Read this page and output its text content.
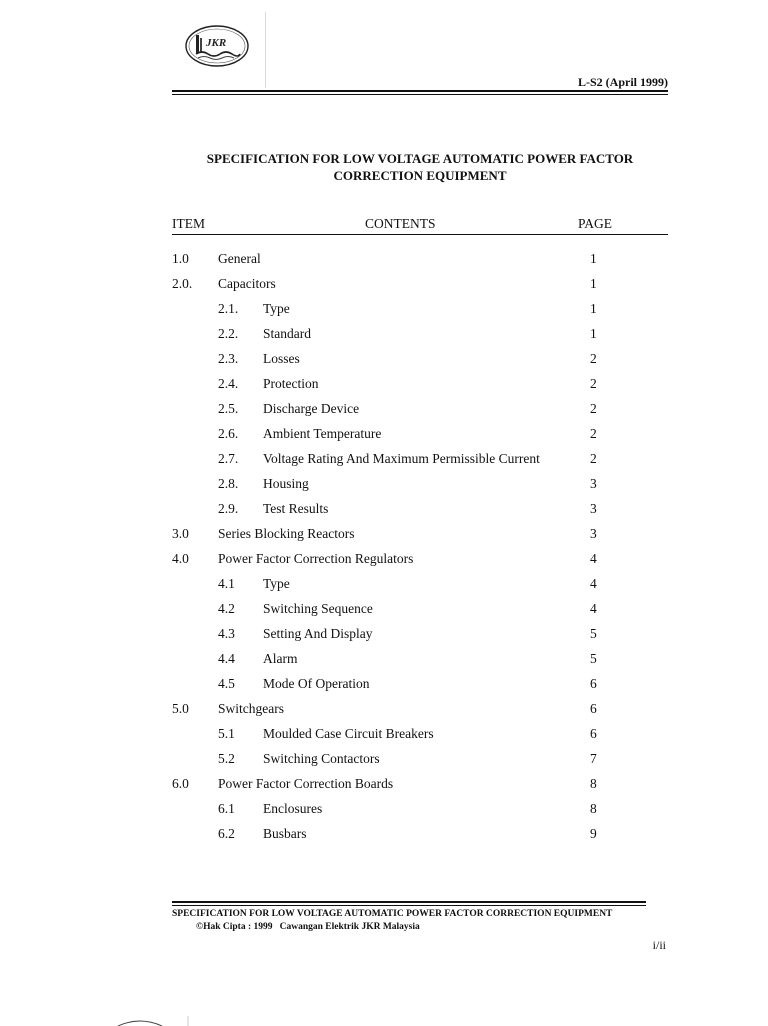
JKR
L-S2 (April 1999)
SPECIFICATION FOR LOW VOLTAGE AUTOMATIC POWER FACTOR
CORRECTION EQUIPMENT
ITEM	CONTENTS	PAGE
1.0 General	1
2.0. Capacitors	1
2.1. Type	1
2.2. Standard	1
2.3. Losses	2
2.4. Protection	2
2.5. Discharge Device	2
2.6. Ambient Temperature	2
2.7. Voltage Rating And Maximum Permissible Current	2
2.8. Housing	3
2.9. Test Results	3
3.0 Series Blocking Reactors	3
4.0 Power Factor Correction Regulators	4
4.1 Type	4
4.2 Switching Sequence	4
4.3 Setting And Display	5
4.4 Alarm	5
4.5 Mode Of Operation	6
5.0 Switchgears	6
5.1 Moulded Case Circuit Breakers	6
5.2 Switching Contactors	7
6.0 Power Factor Correction Boards	8
6.1 Enclosures	8
6.2 Busbars	9
SPECIFICATION FOR LOW VOLTAGE AUTOMATIC POWER FACTOR CORRECTION EQUIPMENT
©Hak Cipta : 1999   Cawangan Elektrik JKR Malaysia
i/ii
